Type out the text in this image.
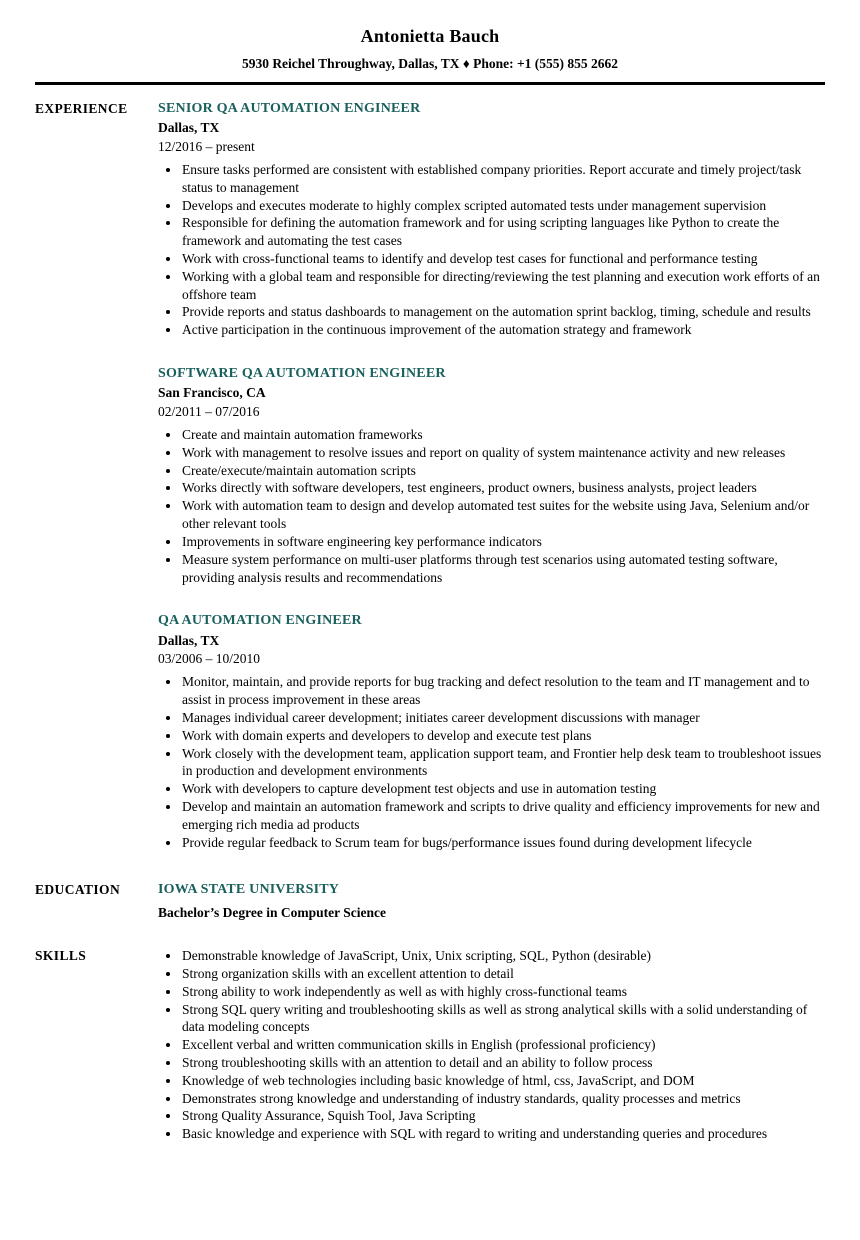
Antonietta Bauch
5930 Reichel Throughway, Dallas, TX ♦ Phone: +1 (555) 855 2662
EXPERIENCE	SENIOR QA AUTOMATION ENGINEER
Dallas, TX
12/2016 – present
• Ensure tasks performed are consistent with established company priorities. Report accurate and timely project/task status to management
• Develops and executes moderate to highly complex scripted automated tests under management supervision
• Responsible for defining the automation framework and for using scripting languages like Python to create the framework and automating the test cases
• Work with cross-functional teams to identify and develop test cases for functional and performance testing
• Working with a global team and responsible for directing/reviewing the test planning and execution work efforts of an offshore team
• Provide reports and status dashboards to management on the automation sprint backlog, timing, schedule and results
• Active participation in the continuous improvement of the automation strategy and framework
SOFTWARE QA AUTOMATION ENGINEER
San Francisco, CA
02/2011 – 07/2016
• Create and maintain automation frameworks
• Work with management to resolve issues and report on quality of system maintenance activity and new releases
• Create/execute/maintain automation scripts
• Works directly with software developers, test engineers, product owners, business analysts, project leaders
• Work with automation team to design and develop automated test suites for the website using Java, Selenium and/or other relevant tools
• Improvements in software engineering key performance indicators
• Measure system performance on multi-user platforms through test scenarios using automated testing software, providing analysis results and recommendations
QA AUTOMATION ENGINEER
Dallas, TX
03/2006 – 10/2010
• Monitor, maintain, and provide reports for bug tracking and defect resolution to the team and IT management and to assist in process improvement in these areas
• Manages individual career development; initiates career development discussions with manager
• Work with domain experts and developers to develop and execute test plans
• Work closely with the development team, application support team, and Frontier help desk team to troubleshoot issues in production and development environments
• Work with developers to capture development test objects and use in automation testing
• Develop and maintain an automation framework and scripts to drive quality and efficiency improvements for new and emerging rich media ad products
• Provide regular feedback to Scrum team for bugs/performance issues found during development lifecycle
EDUCATION	IOWA STATE UNIVERSITY
Bachelor’s Degree in Computer Science
SKILLS	• Demonstrable knowledge of JavaScript, Unix, Unix scripting, SQL, Python (desirable)
• Strong organization skills with an excellent attention to detail
• Strong ability to work independently as well as with highly cross-functional teams
• Strong SQL query writing and troubleshooting skills as well as strong analytical skills with a solid understanding of data modeling concepts
• Excellent verbal and written communication skills in English (professional proficiency)
• Strong troubleshooting skills with an attention to detail and an ability to follow process
• Knowledge of web technologies including basic knowledge of html, css, JavaScript, and DOM
• Demonstrates strong knowledge and understanding of industry standards, quality processes and metrics
• Strong Quality Assurance, Squish Tool, Java Scripting
• Basic knowledge and experience with SQL with regard to writing and understanding queries and procedures
